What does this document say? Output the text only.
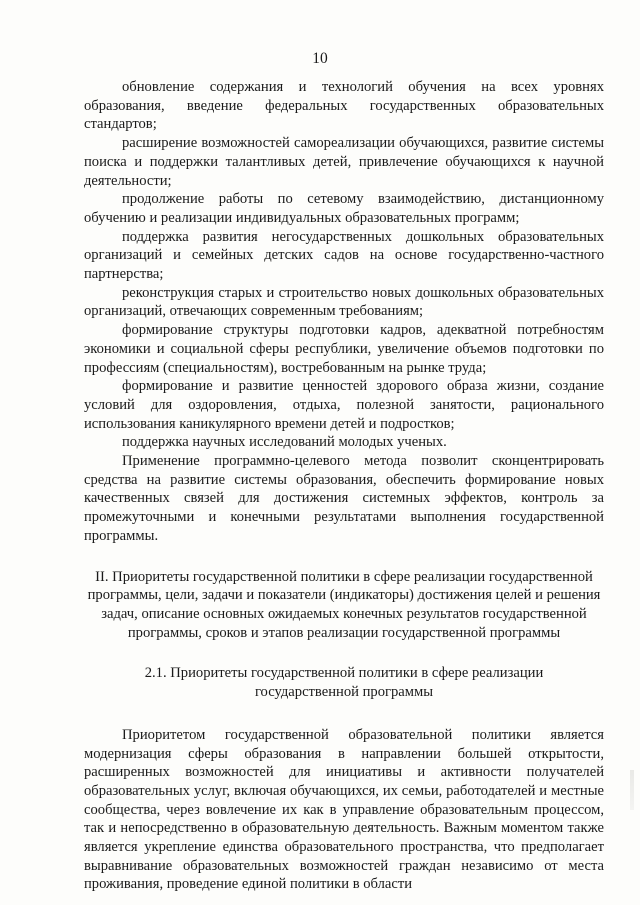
10

обновление содержания и технологий обучения на всех уровнях образования, введение федеральных государственных образовательных стандартов;

расширение возможностей самореализации обучающихся, развитие системы поиска и поддержки талантливых детей, привлечение обучающихся к научной деятельности;

продолжение работы по сетевому взаимодействию, дистанционному обучению и реализации индивидуальных образовательных программ;

поддержка развития негосударственных дошкольных образовательных организаций и семейных детских садов на основе государственно-частного партнерства;

реконструкция старых и строительство новых дошкольных образовательных организаций, отвечающих современным требованиям;

формирование структуры подготовки кадров, адекватной потребностям экономики и социальной сферы республики, увеличение объемов подготовки по профессиям (специальностям), востребованным на рынке труда;

формирование и развитие ценностей здорового образа жизни, создание условий для оздоровления, отдыха, полезной занятости, рационального использования каникулярного времени детей и подростков;

поддержка научных исследований молодых ученых.

Применение программно-целевого метода позволит сконцентрировать средства на развитие системы образования, обеспечить формирование новых качественных связей для достижения системных эффектов, контроль за промежуточными и конечными результатами выполнения государственной программы.

II. Приоритеты государственной политики в сфере реализации государственной программы, цели, задачи и показатели (индикаторы) достижения целей и решения задач, описание основных ожидаемых конечных результатов государственной программы, сроков и этапов реализации государственной программы
2.1. Приоритеты государственной политики в сфере реализации государственной программы

Приоритетом государственной образовательной политики является модернизация сферы образования в направлении большей открытости, расширенных возможностей для инициативы и активности получателей образовательных услуг, включая обучающихся, их семьи, работодателей и местные сообщества, через вовлечение их как в управление образовательным процессом, так и непосредственно в образовательную деятельность. Важным моментом также является укрепление единства образовательного пространства, что предполагает выравнивание образовательных возможностей граждан независимо от места проживания, проведение единой политики в области
